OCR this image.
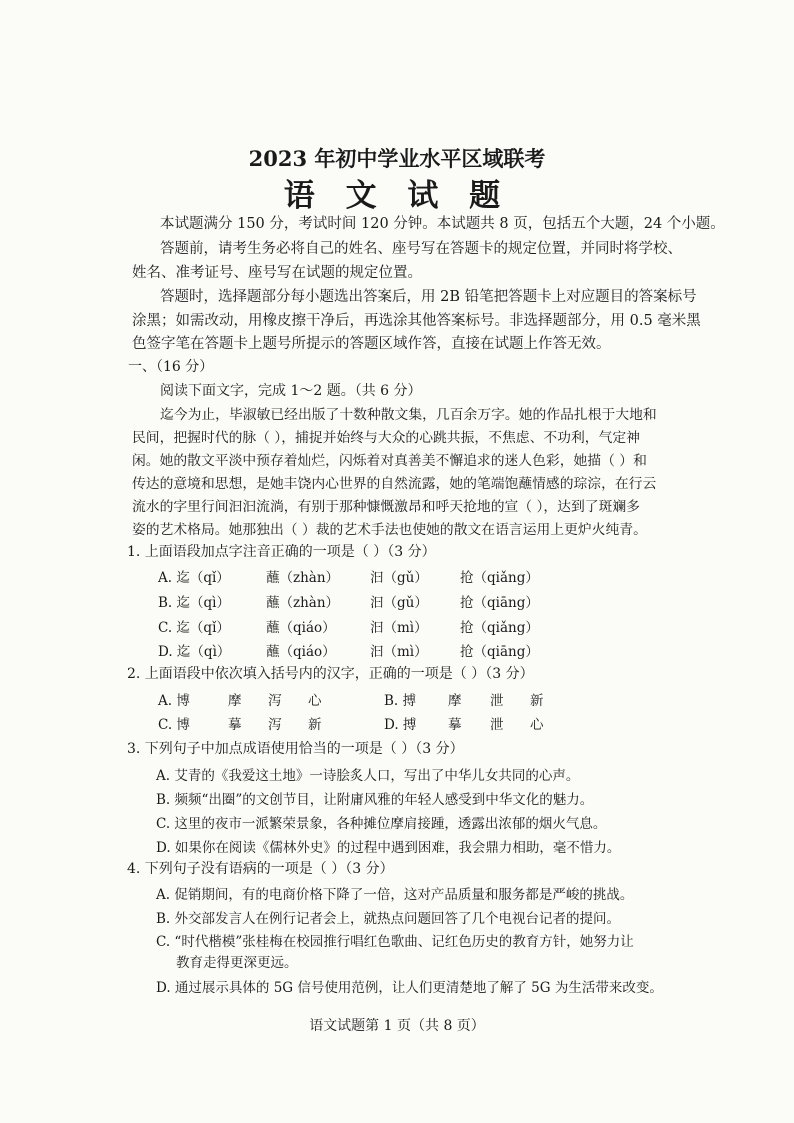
2023 年初中学业水平区域联考
语 文 试 题
本试题满分 150 分，考试时间 120 分钟。本试题共 8 页，包括五个大题，24 个小题。
答题前，请考生务必将自己的姓名、座号写在答题卡的规定位置，并同时将学校、
姓名、准考证号、座号写在试题的规定位置。
答题时，选择题部分每小题选出答案后，用 2B 铅笔把答题卡上对应题目的答案标号
涂黑；如需改动，用橡皮擦干净后，再选涂其他答案标号。非选择题部分，用 0.5 毫米黑
色签字笔在答题卡上题号所提示的答题区域作答，直接在试题上作答无效。
一、（16 分）
阅读下面文字，完成 1～2 题。（共 6 分）
迄今为止，毕淑敏已经出版了十数种散文集，几百余万字。她的作品扎根于大地和
民间，把握时代的脉（ ），捕捉并始终与大众的心跳共振，不焦虑、不功利，气定神
闲。她的散文平淡中预存着灿烂，闪烁着对真善美不懈追求的迷人色彩，她描（ ）和
传达的意境和思想，是她丰饶内心世界的自然流露，她的笔端饱蘸情感的琮淙，在行云
流水的字里行间汩汩流淌，有别于那种慷慨激昂和呼天抢地的宣（ ），达到了斑斓多
姿的艺术格局。她那独出（ ）裁的艺术手法也使她的散文在语言运用上更炉火纯青。
1. 上面语段加点字注音正确的一项是（ ）（3 分）
A. 迄（qǐ）	蘸（zhàn） 汩（gǔ） 抢（qiǎng）
B. 迄（qì）	蘸（zhàn） 汩（gǔ） 抢（qiāng）
C. 迄（qǐ）	蘸（qiáo）	汩（mì） 抢（qiǎng）
D. 迄（qì）	蘸（qiáo）	汩（mì） 抢（qiāng）
2. 上面语段中依次填入括号内的汉字，正确的一项是（ ）（3 分）
A. 博	摩 泻 心	B. 搏 摩 泄 新
C. 博	摹 泻 新	D. 搏 摹 泄 心
3. 下列句子中加点成语使用恰当的一项是（ ）（3 分）
A. 艾青的《我爱这土地》一诗脍炙人口，写出了中华儿女共同的心声。
B. 频频“出圈”的文创节目，让附庸风雅的年轻人感受到中华文化的魅力。
C. 这里的夜市一派繁荣景象，各种摊位摩肩接踵，透露出浓郁的烟火气息。
D. 如果你在阅读《儒林外史》的过程中遇到困难，我会鼎力相助，毫不惜力。
4. 下列句子没有语病的一项是（ ）（3 分）
A. 促销期间，有的电商价格下降了一倍，这对产品质量和服务都是严峻的挑战。
B. 外交部发言人在例行记者会上，就热点问题回答了几个电视台记者的提问。
C. “时代楷模”张桂梅在校园推行唱红色歌曲、记红色历史的教育方针，她努力让
教育走得更深更远。
D. 通过展示具体的 5G 信号使用范例，让人们更清楚地了解了 5G 为生活带来改变。
语文试题第 1 页（共 8 页）
